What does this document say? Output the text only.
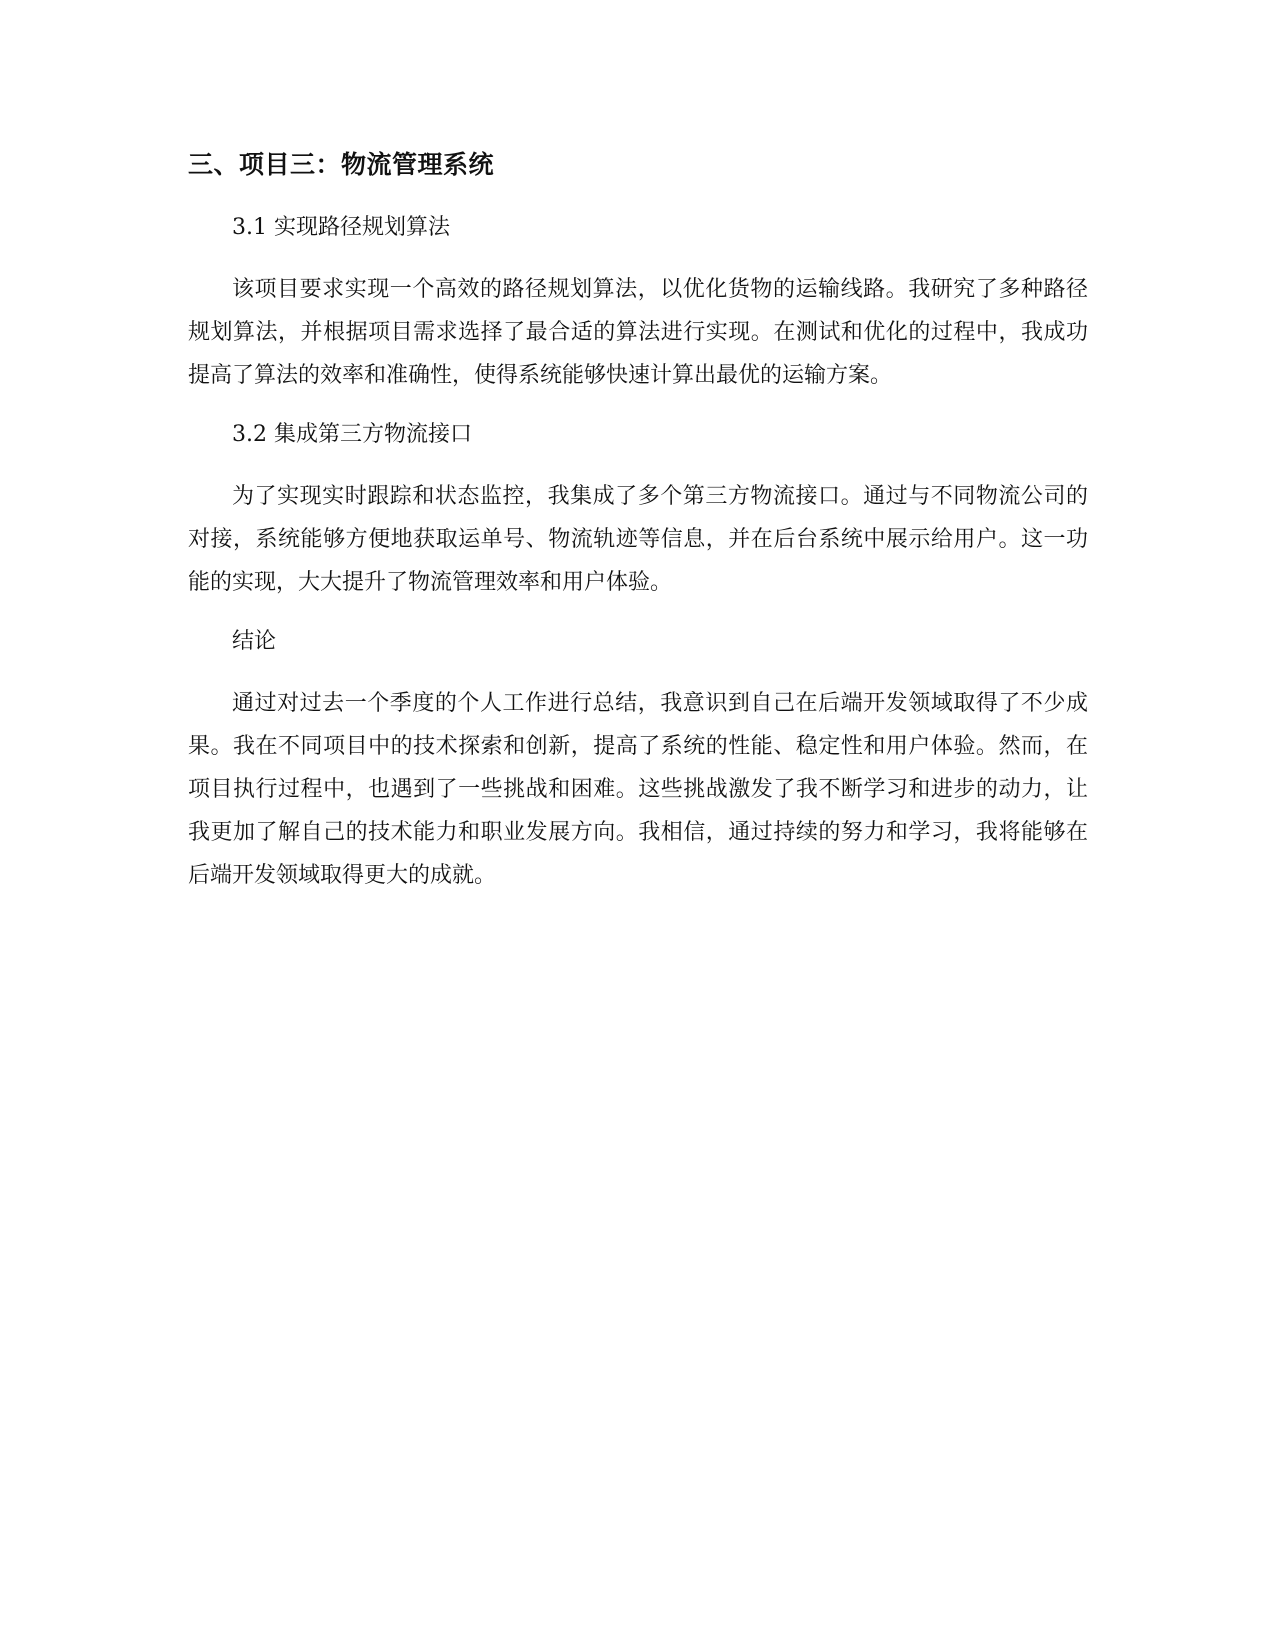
三、项目三：物流管理系统

3.1 实现路径规划算法

该项目要求实现一个高效的路径规划算法，以优化货物的运输线路。我研究了多种路径规划算法，并根据项目需求选择了最合适的算法进行实现。在测试和优化的过程中，我成功提高了算法的效率和准确性，使得系统能够快速计算出最优的运输方案。

3.2 集成第三方物流接口

为了实现实时跟踪和状态监控，我集成了多个第三方物流接口。通过与不同物流公司的对接，系统能够方便地获取运单号、物流轨迹等信息，并在后台系统中展示给用户。这一功能的实现，大大提升了物流管理效率和用户体验。

结论

通过对过去一个季度的个人工作进行总结，我意识到自己在后端开发领域取得了不少成果。我在不同项目中的技术探索和创新，提高了系统的性能、稳定性和用户体验。然而，在项目执行过程中，也遇到了一些挑战和困难。这些挑战激发了我不断学习和进步的动力，让我更加了解自己的技术能力和职业发展方向。我相信，通过持续的努力和学习，我将能够在后端开发领域取得更大的成就。
